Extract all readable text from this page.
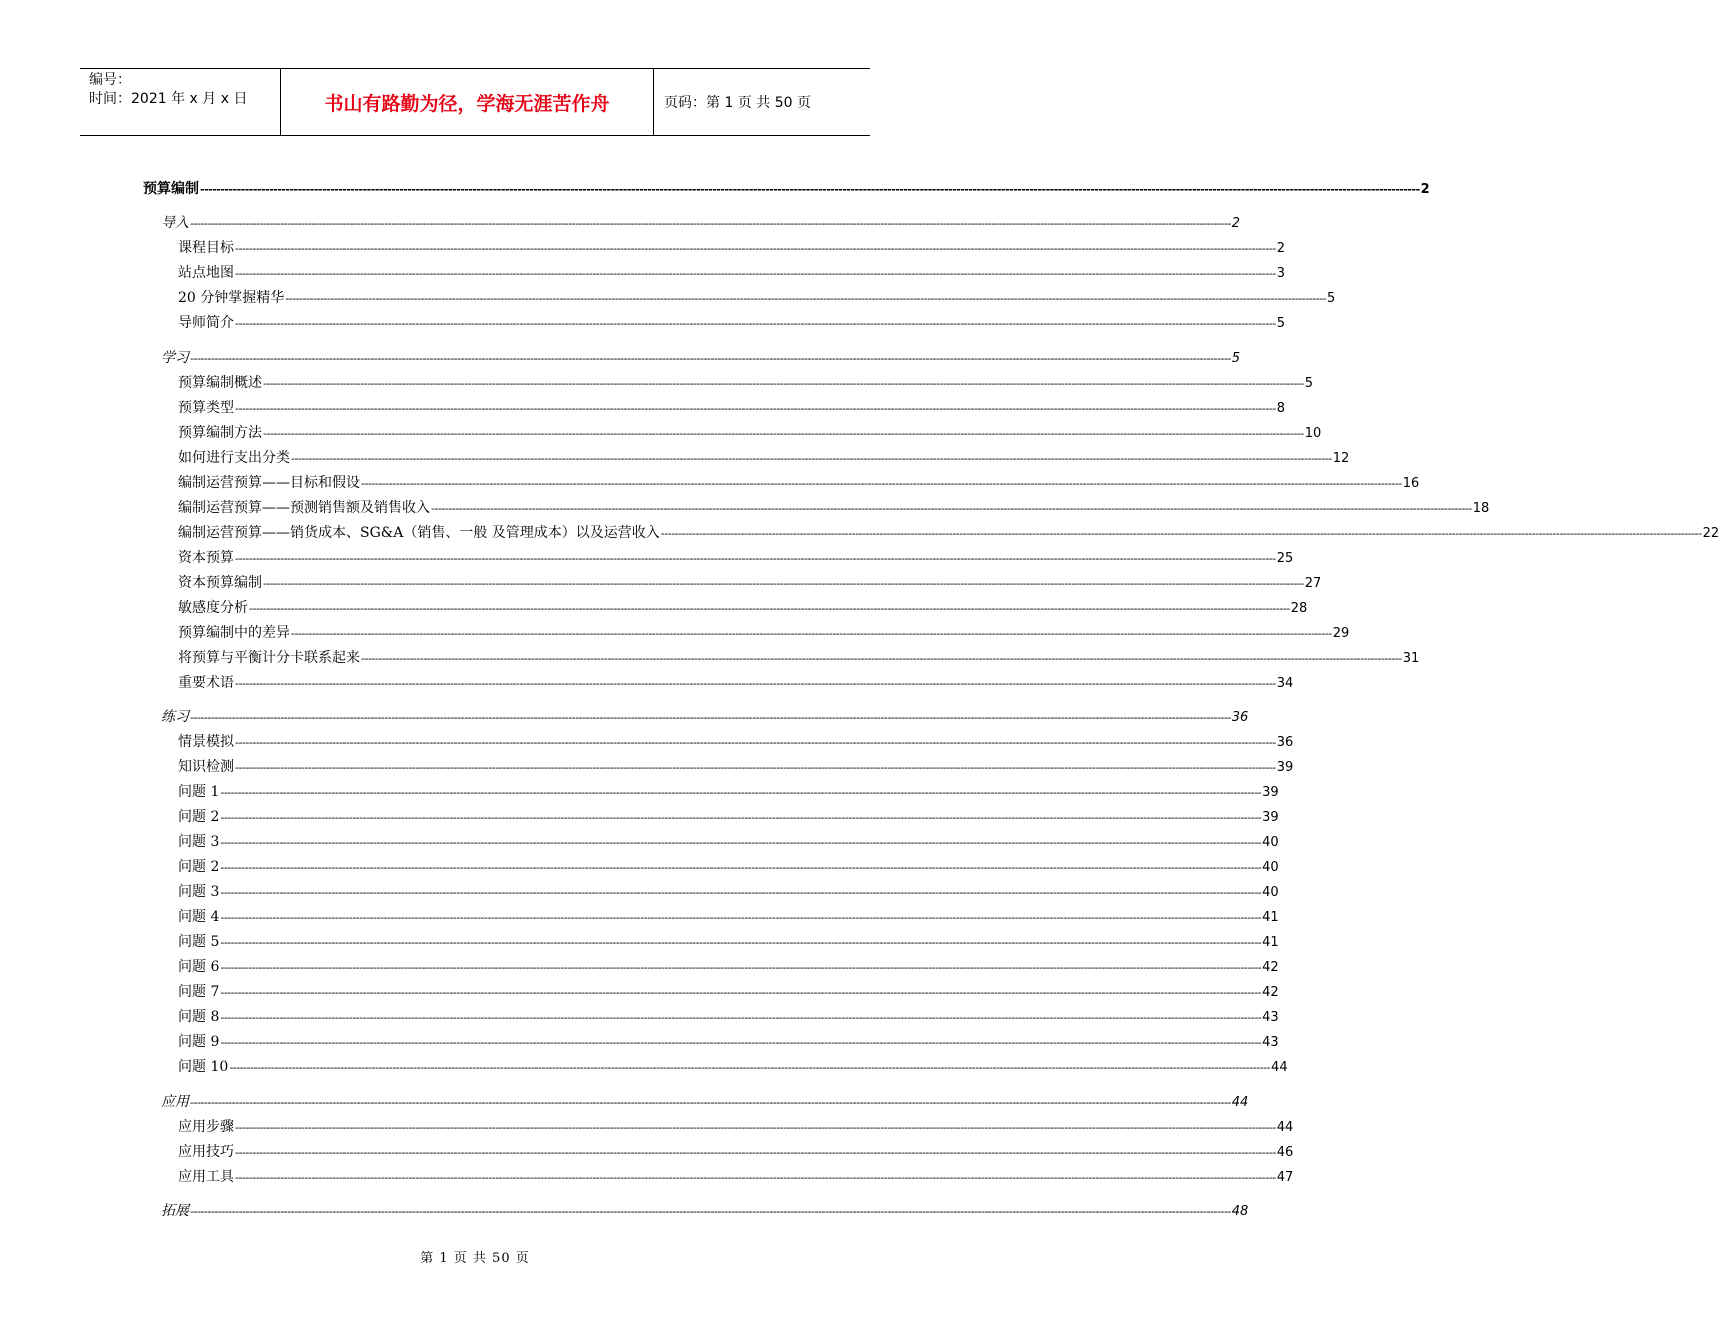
编号：
时间：2021 年 x 月 x 日	书山有路勤为径，学海无涯苦作舟	页码：第 1 页 共 50 页
预算编制 ------------------------------------------------------------------------------------------------------------------------------------------------------------------------------------------------------------------------------------------------------------------------------------------------------------ 2
导入 ------------------------------------------------------------------------------------------------------------------------------------------------------------------------------------------------------------------------------------------------------------------------------------------------------------ 2
课程目标 ------------------------------------------------------------------------------------------------------------------------------------------------------------------------------------------------------------------------------------------------------------------------------------------------------------ 2
站点地图 ------------------------------------------------------------------------------------------------------------------------------------------------------------------------------------------------------------------------------------------------------------------------------------------------------------ 3
20 分钟掌握精华 ------------------------------------------------------------------------------------------------------------------------------------------------------------------------------------------------------------------------------------------------------------------------------------------------------------ 5
导师简介 ------------------------------------------------------------------------------------------------------------------------------------------------------------------------------------------------------------------------------------------------------------------------------------------------------------ 5
学习 ------------------------------------------------------------------------------------------------------------------------------------------------------------------------------------------------------------------------------------------------------------------------------------------------------------ 5
预算编制概述 ------------------------------------------------------------------------------------------------------------------------------------------------------------------------------------------------------------------------------------------------------------------------------------------------------------ 5
预算类型 ------------------------------------------------------------------------------------------------------------------------------------------------------------------------------------------------------------------------------------------------------------------------------------------------------------ 8
预算编制方法 ------------------------------------------------------------------------------------------------------------------------------------------------------------------------------------------------------------------------------------------------------------------------------------------------------------ 10
如何进行支出分类 ------------------------------------------------------------------------------------------------------------------------------------------------------------------------------------------------------------------------------------------------------------------------------------------------------------ 12
编制运营预算——目标和假设 ------------------------------------------------------------------------------------------------------------------------------------------------------------------------------------------------------------------------------------------------------------------------------------------------------------ 16
编制运营预算——预测销售额及销售收入 ------------------------------------------------------------------------------------------------------------------------------------------------------------------------------------------------------------------------------------------------------------------------------------------------------------ 18
编制运营预算——销货成本、SG&A（销售、一般 及管理成本）以及运营收入 ------------------------------------------------------------------------------------------------------------------------------------------------------------------------------------------------------------------------------------------------------------------------------------------------------------ 22
资本预算 ------------------------------------------------------------------------------------------------------------------------------------------------------------------------------------------------------------------------------------------------------------------------------------------------------------ 25
资本预算编制 ------------------------------------------------------------------------------------------------------------------------------------------------------------------------------------------------------------------------------------------------------------------------------------------------------------ 27
敏感度分析 ------------------------------------------------------------------------------------------------------------------------------------------------------------------------------------------------------------------------------------------------------------------------------------------------------------ 28
预算编制中的差异 ------------------------------------------------------------------------------------------------------------------------------------------------------------------------------------------------------------------------------------------------------------------------------------------------------------ 29
将预算与平衡计分卡联系起来 ------------------------------------------------------------------------------------------------------------------------------------------------------------------------------------------------------------------------------------------------------------------------------------------------------------ 31
重要术语 ------------------------------------------------------------------------------------------------------------------------------------------------------------------------------------------------------------------------------------------------------------------------------------------------------------ 34
练习 ------------------------------------------------------------------------------------------------------------------------------------------------------------------------------------------------------------------------------------------------------------------------------------------------------------ 36
情景模拟 ------------------------------------------------------------------------------------------------------------------------------------------------------------------------------------------------------------------------------------------------------------------------------------------------------------ 36
知识检测 ------------------------------------------------------------------------------------------------------------------------------------------------------------------------------------------------------------------------------------------------------------------------------------------------------------ 39
问题 1 ------------------------------------------------------------------------------------------------------------------------------------------------------------------------------------------------------------------------------------------------------------------------------------------------------------ 39
问题 2 ------------------------------------------------------------------------------------------------------------------------------------------------------------------------------------------------------------------------------------------------------------------------------------------------------------ 39
问题 3 ------------------------------------------------------------------------------------------------------------------------------------------------------------------------------------------------------------------------------------------------------------------------------------------------------------ 40
问题 2 ------------------------------------------------------------------------------------------------------------------------------------------------------------------------------------------------------------------------------------------------------------------------------------------------------------ 40
问题 3 ------------------------------------------------------------------------------------------------------------------------------------------------------------------------------------------------------------------------------------------------------------------------------------------------------------ 40
问题 4 ------------------------------------------------------------------------------------------------------------------------------------------------------------------------------------------------------------------------------------------------------------------------------------------------------------ 41
问题 5 ------------------------------------------------------------------------------------------------------------------------------------------------------------------------------------------------------------------------------------------------------------------------------------------------------------ 41
问题 6 ------------------------------------------------------------------------------------------------------------------------------------------------------------------------------------------------------------------------------------------------------------------------------------------------------------ 42
问题 7 ------------------------------------------------------------------------------------------------------------------------------------------------------------------------------------------------------------------------------------------------------------------------------------------------------------ 42
问题 8 ------------------------------------------------------------------------------------------------------------------------------------------------------------------------------------------------------------------------------------------------------------------------------------------------------------ 43
问题 9 ------------------------------------------------------------------------------------------------------------------------------------------------------------------------------------------------------------------------------------------------------------------------------------------------------------ 43
问题 10 ------------------------------------------------------------------------------------------------------------------------------------------------------------------------------------------------------------------------------------------------------------------------------------------------------------ 44
应用 ------------------------------------------------------------------------------------------------------------------------------------------------------------------------------------------------------------------------------------------------------------------------------------------------------------ 44
应用步骤 ------------------------------------------------------------------------------------------------------------------------------------------------------------------------------------------------------------------------------------------------------------------------------------------------------------ 44
应用技巧 ------------------------------------------------------------------------------------------------------------------------------------------------------------------------------------------------------------------------------------------------------------------------------------------------------------ 46
应用工具 ------------------------------------------------------------------------------------------------------------------------------------------------------------------------------------------------------------------------------------------------------------------------------------------------------------ 47
拓展 ------------------------------------------------------------------------------------------------------------------------------------------------------------------------------------------------------------------------------------------------------------------------------------------------------------ 48
第 1 页 共 50 页
